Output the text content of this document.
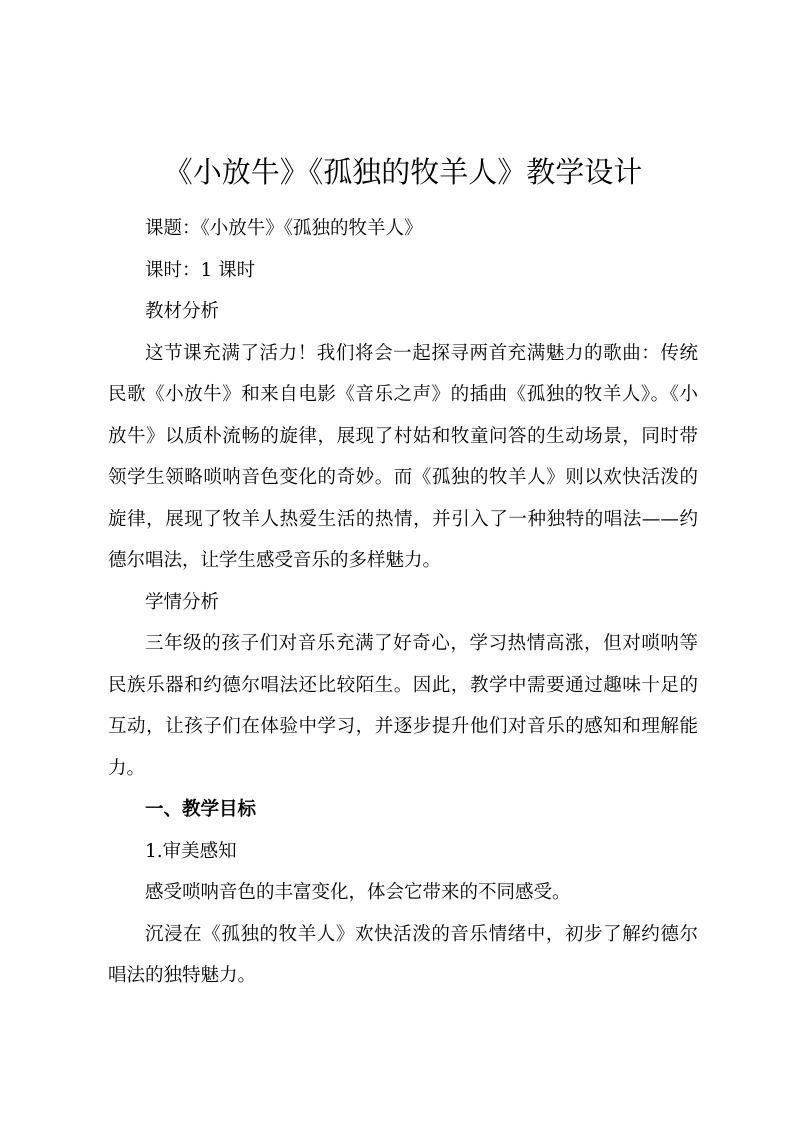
《小放牛》《孤独的牧羊人》教学设计

课题：《小放牛》《孤独的牧羊人》

课时：1 课时

教材分析

这节课充满了活力！我们将会一起探寻两首充满魅力的歌曲：传统民歌《小放牛》和来自电影《音乐之声》的插曲《孤独的牧羊人》。《小放牛》以质朴流畅的旋律，展现了村姑和牧童问答的生动场景，同时带领学生领略唢呐音色变化的奇妙。而《孤独的牧羊人》则以欢快活泼的旋律，展现了牧羊人热爱生活的热情，并引入了一种独特的唱法——约德尔唱法，让学生感受音乐的多样魅力。

学情分析

三年级的孩子们对音乐充满了好奇心，学习热情高涨，但对唢呐等民族乐器和约德尔唱法还比较陌生。因此，教学中需要通过趣味十足的互动，让孩子们在体验中学习，并逐步提升他们对音乐的感知和理解能力。

一、教学目标

1.审美感知

感受唢呐音色的丰富变化，体会它带来的不同感受。

沉浸在《孤独的牧羊人》欢快活泼的音乐情绪中，初步了解约德尔唱法的独特魅力。
